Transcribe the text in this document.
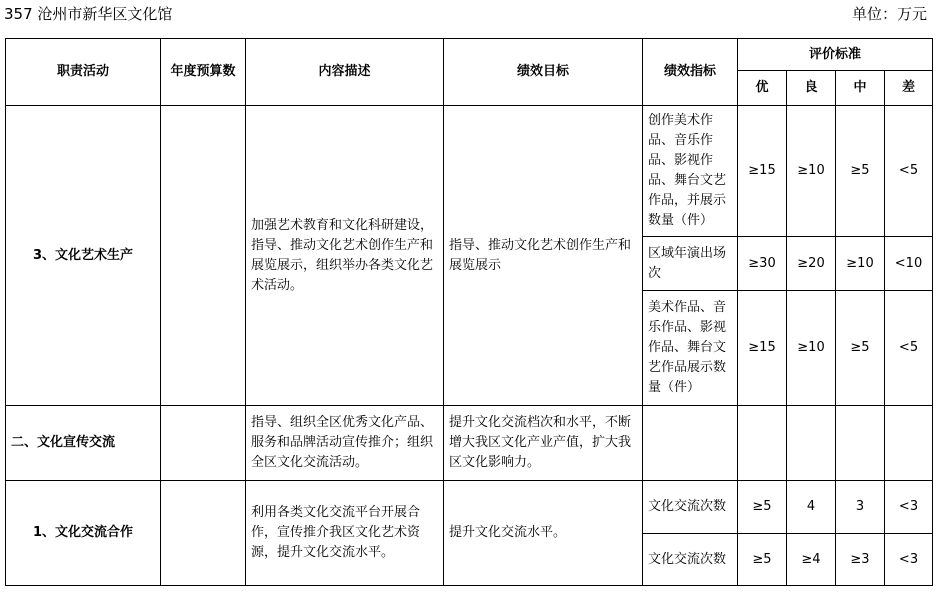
357 沧州市新华区文化馆	单位：万元
职责活动	年度预算数	内容描述	绩效目标	绩效指标	评价标准			
					优	良	中	差
3、文化艺术生产		加强艺术教育和文化科研建设，指导、推动文化艺术创作生产和展览展示，组织举办各类文化艺术活动。	指导、推动文化艺术创作生产和展览展示	创作美术作品、音乐作品、影视作品、舞台文艺作品，并展示数量（件）	≥15	≥10	≥5	<5
				区域年演出场次	≥30	≥20	≥10	<10
				美术作品、音乐作品、影视作品、舞台文艺作品展示数量（件）	≥15	≥10	≥5	<5
二、文化宣传交流		指导、组织全区优秀文化产品、服务和品牌活动宣传推介；组织全区文化交流活动。	提升文化交流档次和水平，不断增大我区文化产业产值，扩大我区文化影响力。					
1、文化交流合作		利用各类文化交流平台开展合作，宣传推介我区文化艺术资源，提升文化交流水平。	提升文化交流水平。	文化交流次数	≥5	4	3	<3
				文化交流次数	≥5	≥4	≥3	<3
